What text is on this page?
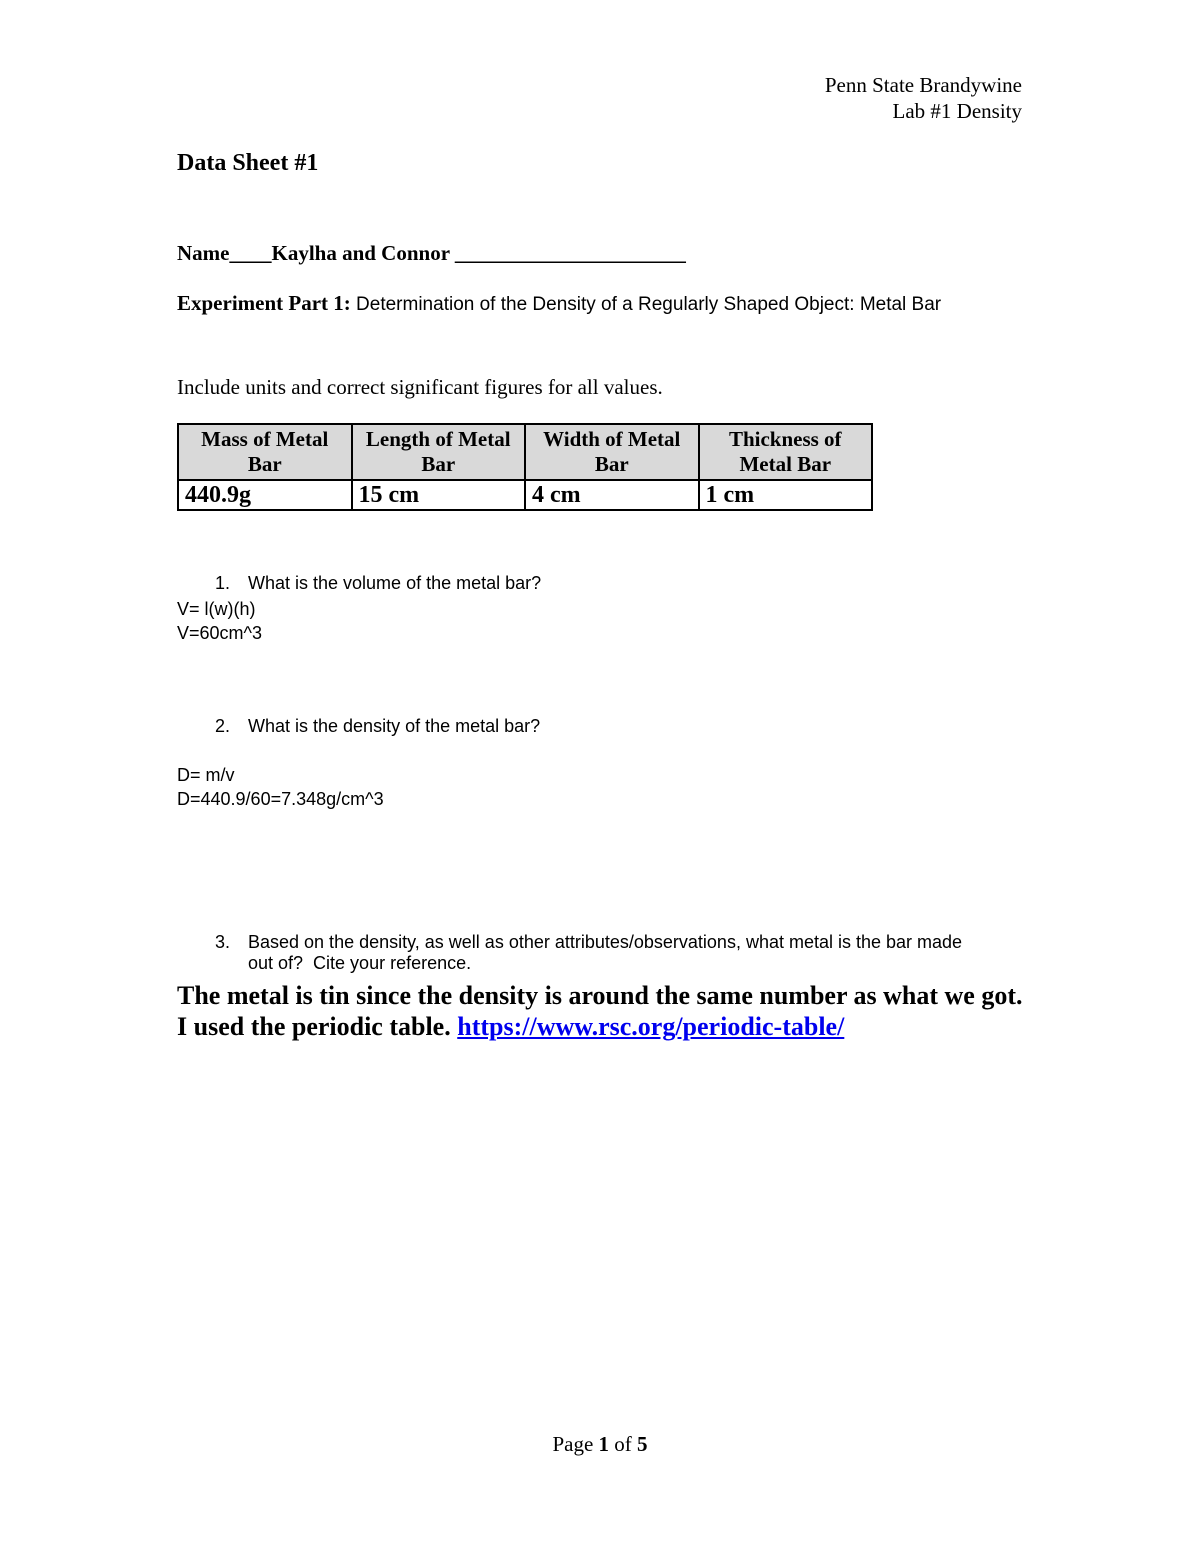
Penn State Brandywine
Lab #1 Density
Data Sheet #1
Name____Kaylha and Connor ______________________
Experiment Part 1: Determination of the Density of a Regularly Shaped Object: Metal Bar
Include units and correct significant figures for all values.
Mass of Metal Bar	Length of Metal Bar	Width of Metal Bar	Thickness of Metal Bar
440.9g	15 cm	4 cm	1 cm
1. What is the volume of the metal bar?
V= l(w)(h)
V=60cm^3
2. What is the density of the metal bar?
D= m/v
D=440.9/60=7.348g/cm^3
3. Based on the density, as well as other attributes/observations, what metal is the bar made
out of?  Cite your reference.
The metal is tin since the density is around the same number as what we got. I used the periodic table. https://www.rsc.org/periodic-table/
Page 1 of 5
